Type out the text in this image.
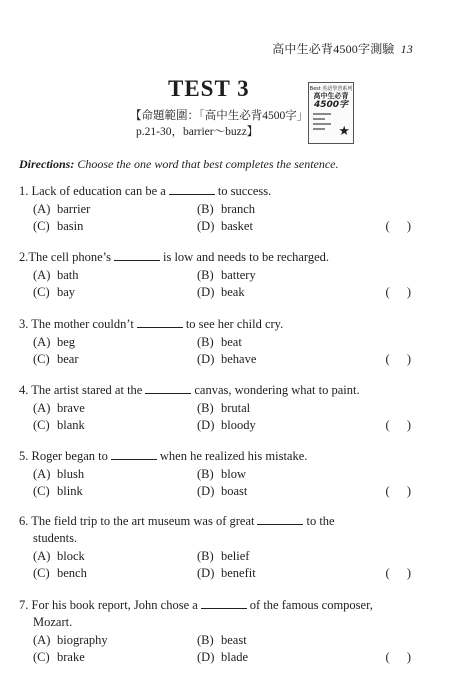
高中生必背4500字測驗 13
TEST 3
【命題範圍：「高中生必背4500字」
p.21-30，barrier～buzz】
Best 英語學習系列
高中生必背
4500字
★
Directions: Choose the one word that best completes the sentence.
1. Lack of education can be a	to success.
(A) barrier	(B) branch
(C) basin	(D) basket	( )
2.The cell phone’s	is low and needs to be recharged.
(A) bath	(B) battery
(C) bay	(D) beak	( )
3. The mother couldn’t	to see her child cry.
(A) beg	(B) beat
(C) bear	(D) behave	( )
4. The artist stared at the	canvas, wondering what to paint.
(A) brave	(B) brutal
(C) blank	(D) bloody	( )
5. Roger began to	when he realized his mistake.
(A) blush	(B) blow
(C) blink	(D) boast	( )
6. The field trip to the art museum was of great	to the
students.
(A) block	(B) belief
(C) bench	(D) benefit	( )
7. For his book report, John chose a	of the famous composer,
Mozart.
(A) biography	(B) beast
(C) brake	(D) blade	( )
